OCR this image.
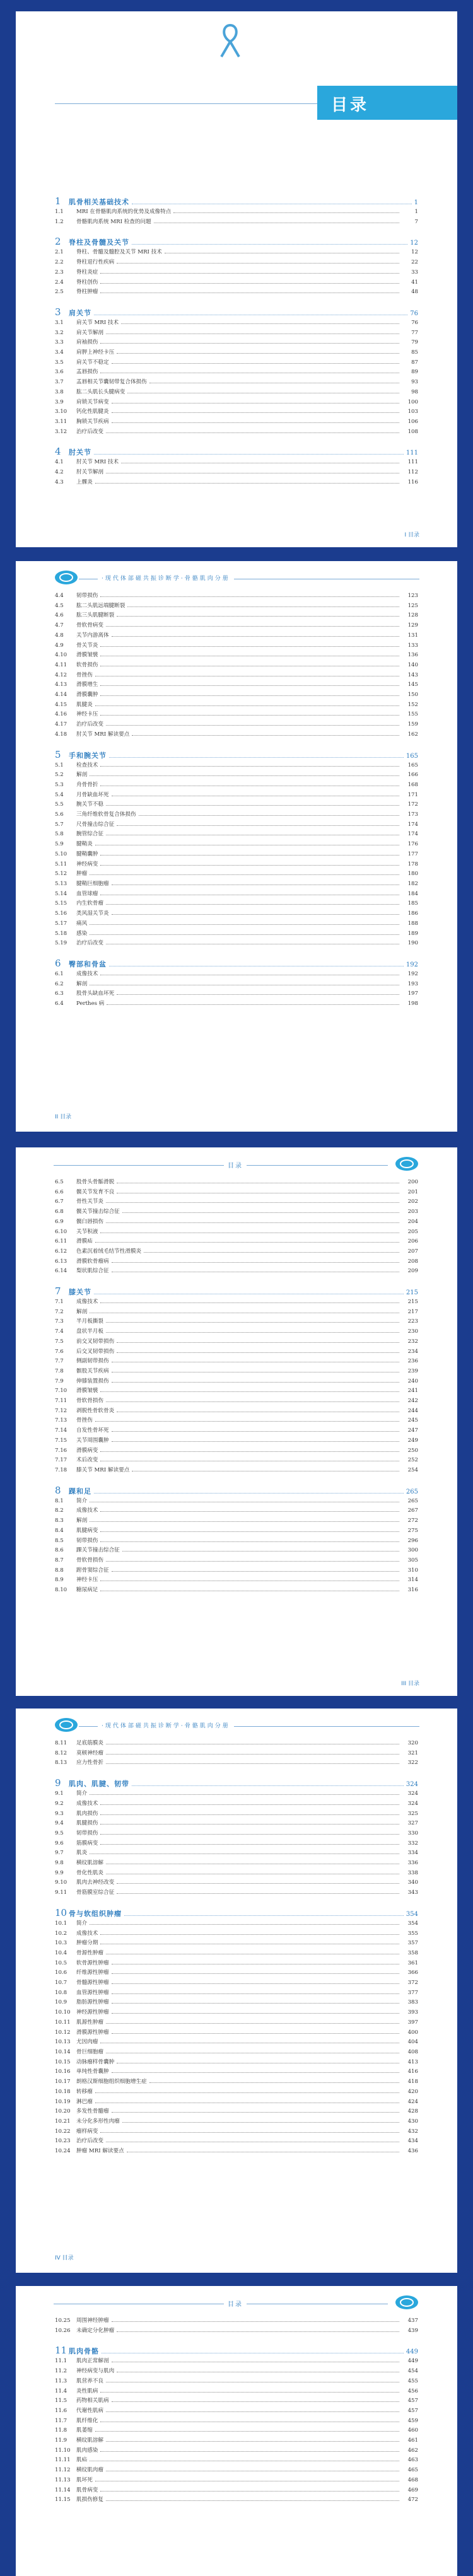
目录
1	肌骨相关基础技术	1
1.1	MRI 在骨骼肌肉系统的优势及成像特点	1
1.2	骨骼肌肉系统 MRI 检查的问题	7
2	脊柱及骨髓及关节	12
2.1	脊柱、骨髓及髓腔及关节 MRI 技术	12
2.2	脊柱退行性疾病	22
2.3	脊柱炎症	33
2.4	脊柱创伤	41
2.5	脊柱肿瘤	48
3	肩关节	76
3.1	肩关节 MRI 技术	76
3.2	肩关节解剖	77
3.3	肩袖损伤	79
3.4	肩胛上神经卡压	85
3.5	肩关节不稳定	87
3.6	盂唇损伤	89
3.7	盂唇相关节囊韧带复合体损伤	93
3.8	肱二头肌长头腱病变	98
3.9	肩锁关节病变	100
3.10	钙化性肌腱炎	103
3.11	胸锁关节疾病	106
3.12	治疗后改变	108
4	肘关节	111
4.1	肘关节 MRI 技术	111
4.2	肘关节解剖	112
4.3	上髁炎	116
I 目录
·现代体部磁共振诊断学·骨骼肌肉分册
4.4	韧带损伤	123
4.5	肱二头肌远端腱断裂	125
4.6	肱三头肌腱断裂	128
4.7	骨软骨病变	129
4.8	关节内游离体	131
4.9	骨关节炎	133
4.10	滑膜皱襞	136
4.11	软骨损伤	140
4.12	骨挫伤	143
4.13	滑膜增生	145
4.14	滑膜囊肿	150
4.15	肌腱炎	152
4.16	神经卡压	155
4.17	治疗后改变	159
4.18	肘关节 MRI 解读要点	162
5	手和腕关节	165
5.1	检查技术	165
5.2	解剖	166
5.3	舟骨骨折	168
5.4	月骨缺血坏死	171
5.5	腕关节不稳	172
5.6	三角纤维软骨复合体损伤	173
5.7	尺骨撞击综合征	174
5.8	腕管综合征	174
5.9	腱鞘炎	176
5.10	腱鞘囊肿	177
5.11	神经病变	178
5.12	肿瘤	180
5.13	腱鞘巨细胞瘤	182
5.14	血管球瘤	184
5.15	内生软骨瘤	185
5.16	类风湿关节炎	186
5.17	痛风	188
5.18	感染	189
5.19	治疗后改变	190
6	臀部和骨盆	192
6.1	成像技术	192
6.2	解剖	193
6.3	股骨头缺血坏死	197
6.4	Perthes 病	198
II 目录
目录
6.5	股骨头骨骺滑脱	200
6.6	髋关节发育不良	201
6.7	骨性关节炎	202
6.8	髋关节撞击综合征	203
6.9	髋臼唇损伤	204
6.10	关节积液	205
6.11	滑膜疝	206
6.12	色素沉着绒毛结节性滑膜炎	207
6.13	滑膜软骨瘤病	208
6.14	梨状肌综合征	209
7	膝关节	215
7.1	成像技术	215
7.2	解剖	217
7.3	半月板撕裂	223
7.4	盘状半月板	230
7.5	前交叉韧带损伤	232
7.6	后交叉韧带损伤	234
7.7	侧副韧带损伤	236
7.8	髌股关节疾病	239
7.9	伸膝装置损伤	240
7.10	滑膜皱襞	241
7.11	骨软骨损伤	242
7.12	剥脱性骨软骨炎	244
7.13	骨挫伤	245
7.14	自发性骨坏死	247
7.15	关节周围囊肿	249
7.16	滑膜病变	250
7.17	术后改变	252
7.18	膝关节 MRI 解读要点	254
8	踝和足	265
8.1	简介	265
8.2	成像技术	267
8.3	解剖	272
8.4	肌腱病变	275
8.5	韧带损伤	296
8.6	踝关节撞击综合征	300
8.7	骨软骨损伤	305
8.8	跗骨窦综合征	310
8.9	神经卡压	314
8.10	糖尿病足	316
III 目录
·现代体部磁共振诊断学·骨骼肌肉分册
8.11	足底筋膜炎	320
8.12	莫顿神经瘤	321
8.13	应力性骨折	322
9	肌肉、肌腱、韧带	324
9.1	简介	324
9.2	成像技术	324
9.3	肌肉损伤	325
9.4	肌腱损伤	327
9.5	韧带损伤	330
9.6	筋膜病变	332
9.7	肌炎	334
9.8	横纹肌溶解	336
9.9	骨化性肌炎	338
9.10	肌肉去神经改变	340
9.11	骨筋膜室综合征	343
10 骨与软组织肿瘤	354
10.1	简介	354
10.2	成像技术	355
10.3	肿瘤分期	357
10.4	骨源性肿瘤	358
10.5	软骨源性肿瘤	361
10.6	纤维源性肿瘤	366
10.7	骨髓源性肿瘤	372
10.8	血管源性肿瘤	377
10.9	脂肪源性肿瘤	383
10.10	神经源性肿瘤	393
10.11	肌源性肿瘤	397
10.12	滑膜源性肿瘤	400
10.13	尤因肉瘤	404
10.14	骨巨细胞瘤	408
10.15	动脉瘤样骨囊肿	413
10.16	单纯性骨囊肿	416
10.17	朗格汉斯细胞组织细胞增生症	418
10.18	转移瘤	420
10.19	淋巴瘤	424
10.20	多发性骨髓瘤	428
10.21	未分化多形性肉瘤	430
10.22	瘤样病变	432
10.23	治疗后改变	434
10.24	肿瘤 MRI 解读要点	436
IV 目录
目录
10.25	周围神经肿瘤	437
10.26	未确定分化肿瘤	439
11 肌肉骨骼	449
11.1	肌肉正常解剖	449
11.2	神经病变与肌肉	454
11.3	肌营养不良	455
11.4	炎性肌病	456
11.5	药物相关肌病	457
11.6	代谢性肌病	457
11.7	肌纤维化	459
11.8	肌萎缩	460
11.9	横纹肌溶解	461
11.10	肌肉感染	462
11.11	肌疝	463
11.12	横纹肌肉瘤	465
11.13	肌坏死	468
11.14	肌骨病变	469
11.15	肌损伤修复	472
